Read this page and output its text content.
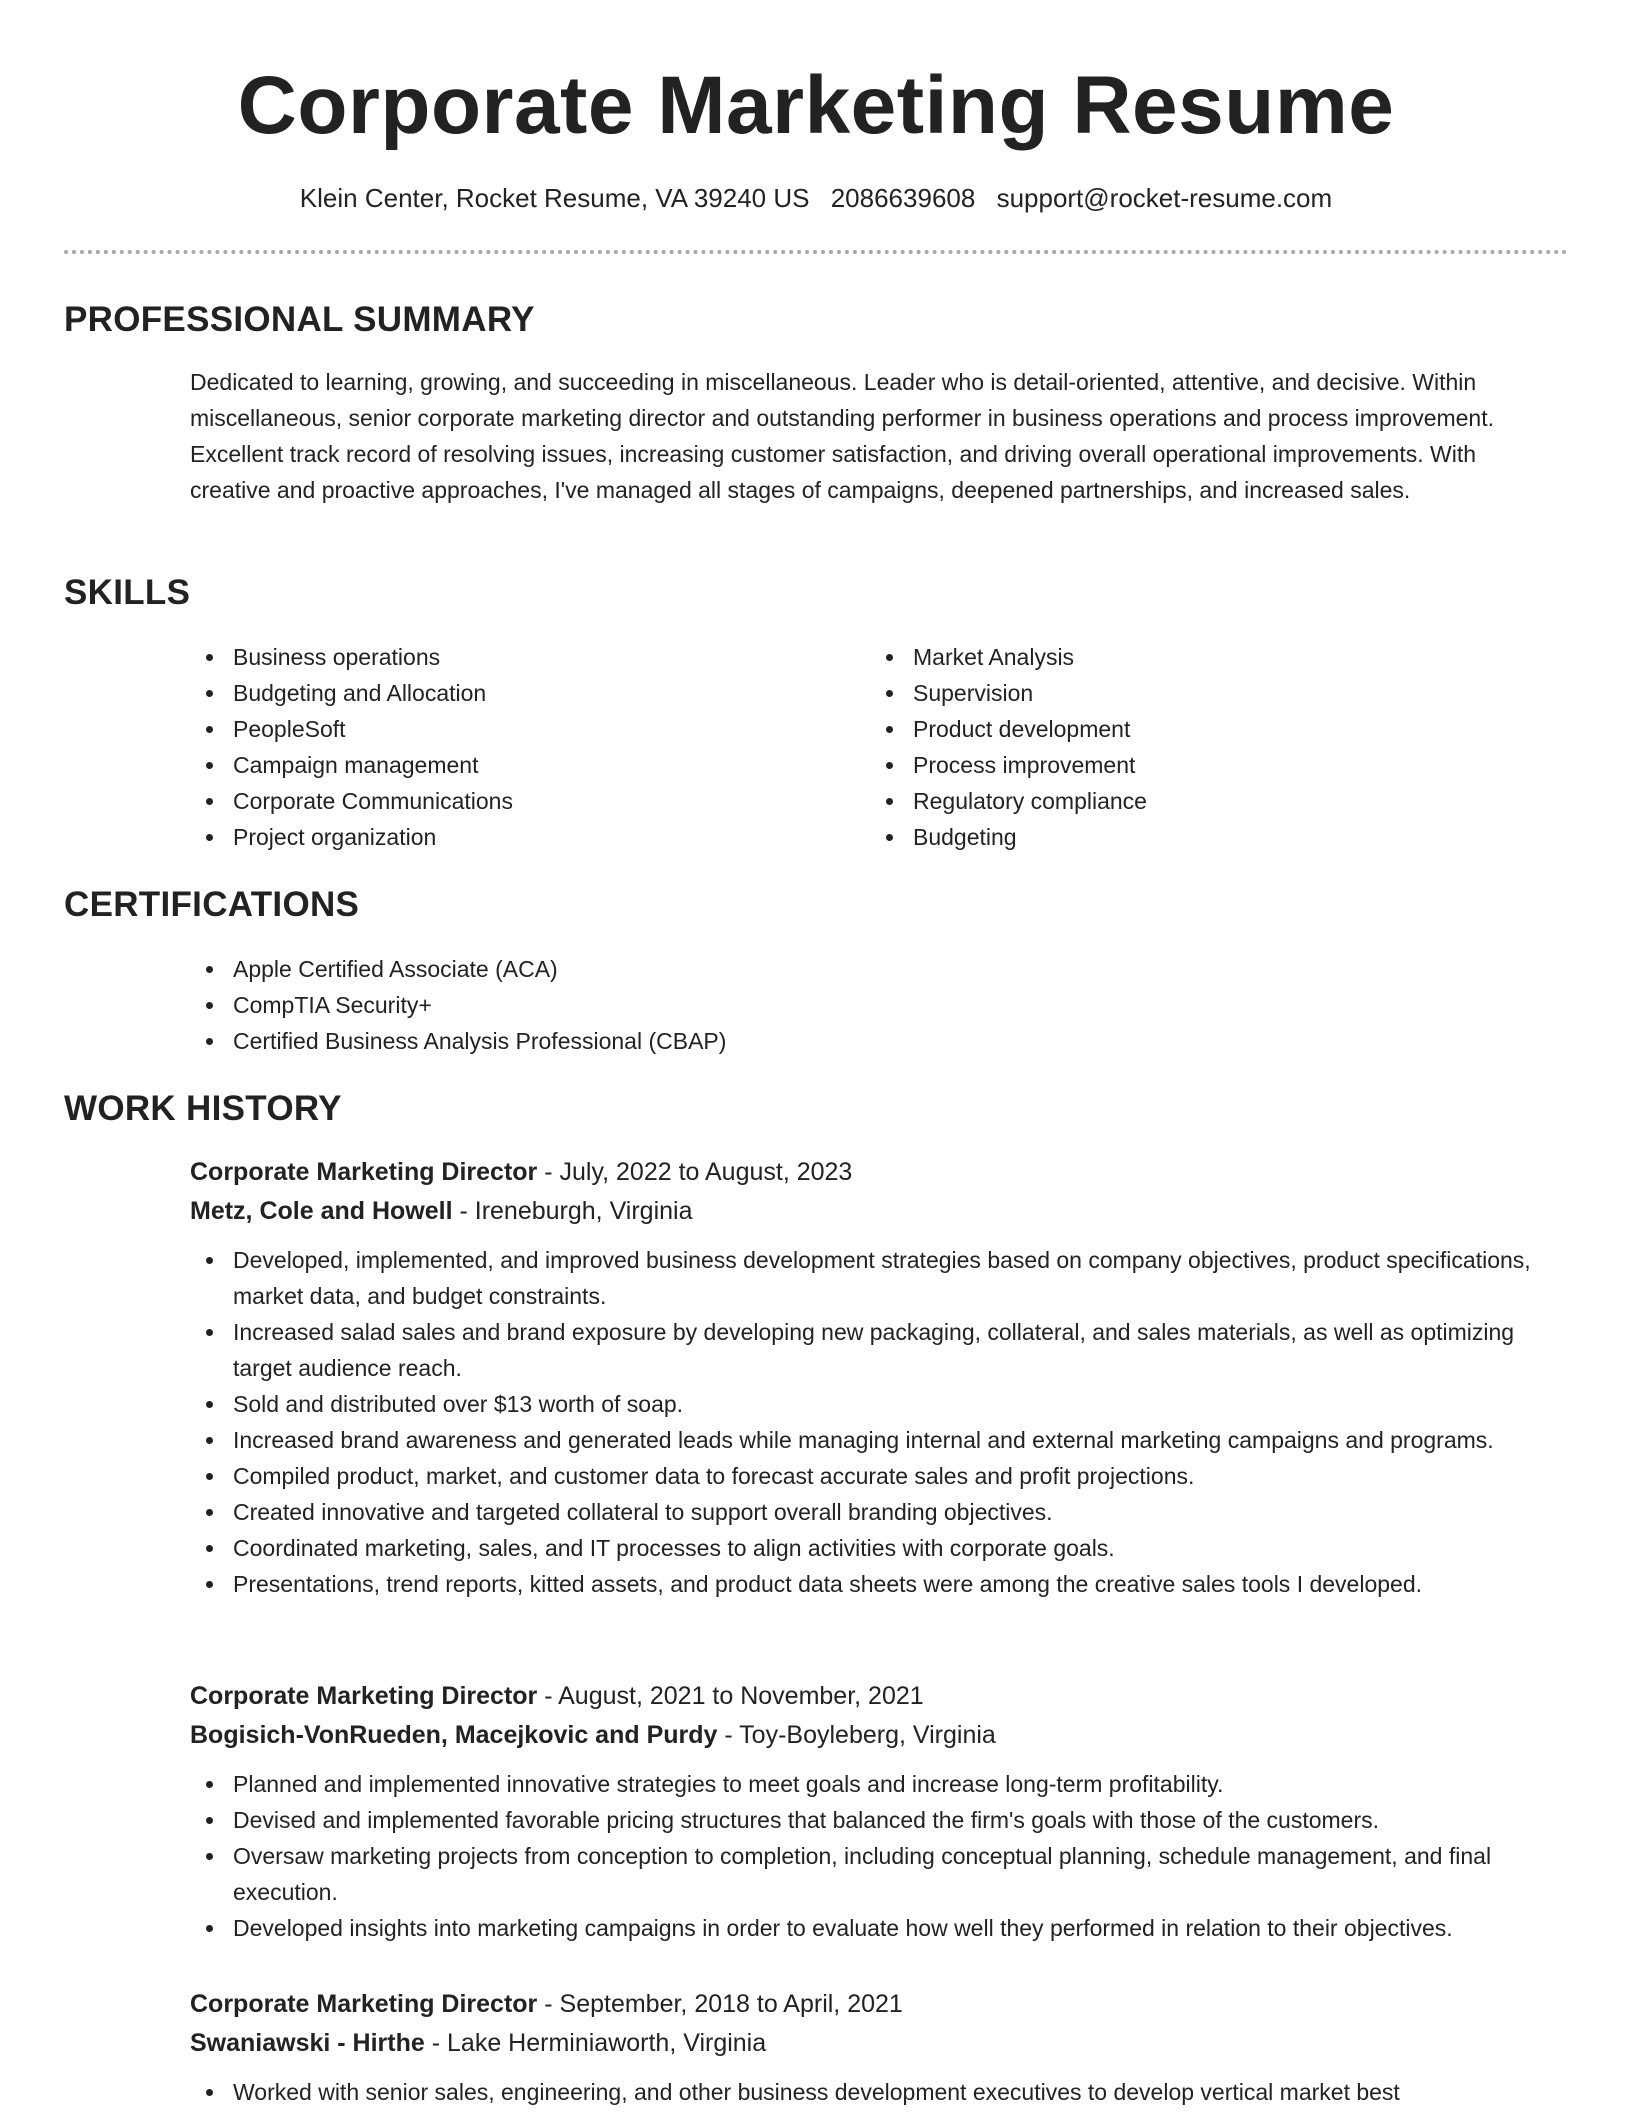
Corporate Marketing Resume
Klein Center, Rocket Resume, VA 39240 US 2086639608 support@rocket-resume.com
PROFESSIONAL SUMMARY
Dedicated to learning, growing, and succeeding in miscellaneous. Leader who is detail-oriented, attentive, and decisive. Within miscellaneous, senior corporate marketing director and outstanding performer in business operations and process improvement. Excellent track record of resolving issues, increasing customer satisfaction, and driving overall operational improvements. With creative and proactive approaches, I've managed all stages of campaigns, deepened partnerships, and increased sales.
SKILLS
Business operations
Budgeting and Allocation
PeopleSoft
Campaign management
Corporate Communications
Project organization
Market Analysis
Supervision
Product development
Process improvement
Regulatory compliance
Budgeting
CERTIFICATIONS
Apple Certified Associate (ACA)
CompTIA Security+
Certified Business Analysis Professional (CBAP)
WORK HISTORY
Corporate Marketing Director - July, 2022 to August, 2023
Metz, Cole and Howell - Ireneburgh, Virginia
Developed, implemented, and improved business development strategies based on company objectives, product specifications, market data, and budget constraints.
Increased salad sales and brand exposure by developing new packaging, collateral, and sales materials, as well as optimizing target audience reach.
Sold and distributed over $13 worth of soap.
Increased brand awareness and generated leads while managing internal and external marketing campaigns and programs.
Compiled product, market, and customer data to forecast accurate sales and profit projections.
Created innovative and targeted collateral to support overall branding objectives.
Coordinated marketing, sales, and IT processes to align activities with corporate goals.
Presentations, trend reports, kitted assets, and product data sheets were among the creative sales tools I developed.
Corporate Marketing Director - August, 2021 to November, 2021
Bogisich-VonRueden, Macejkovic and Purdy - Toy-Boyleberg, Virginia
Planned and implemented innovative strategies to meet goals and increase long-term profitability.
Devised and implemented favorable pricing structures that balanced the firm's goals with those of the customers.
Oversaw marketing projects from conception to completion, including conceptual planning, schedule management, and final execution.
Developed insights into marketing campaigns in order to evaluate how well they performed in relation to their objectives.
Corporate Marketing Director - September, 2018 to April, 2021
Swaniawski - Hirthe - Lake Herminiaworth, Virginia
Worked with senior sales, engineering, and other business development executives to develop vertical market best
